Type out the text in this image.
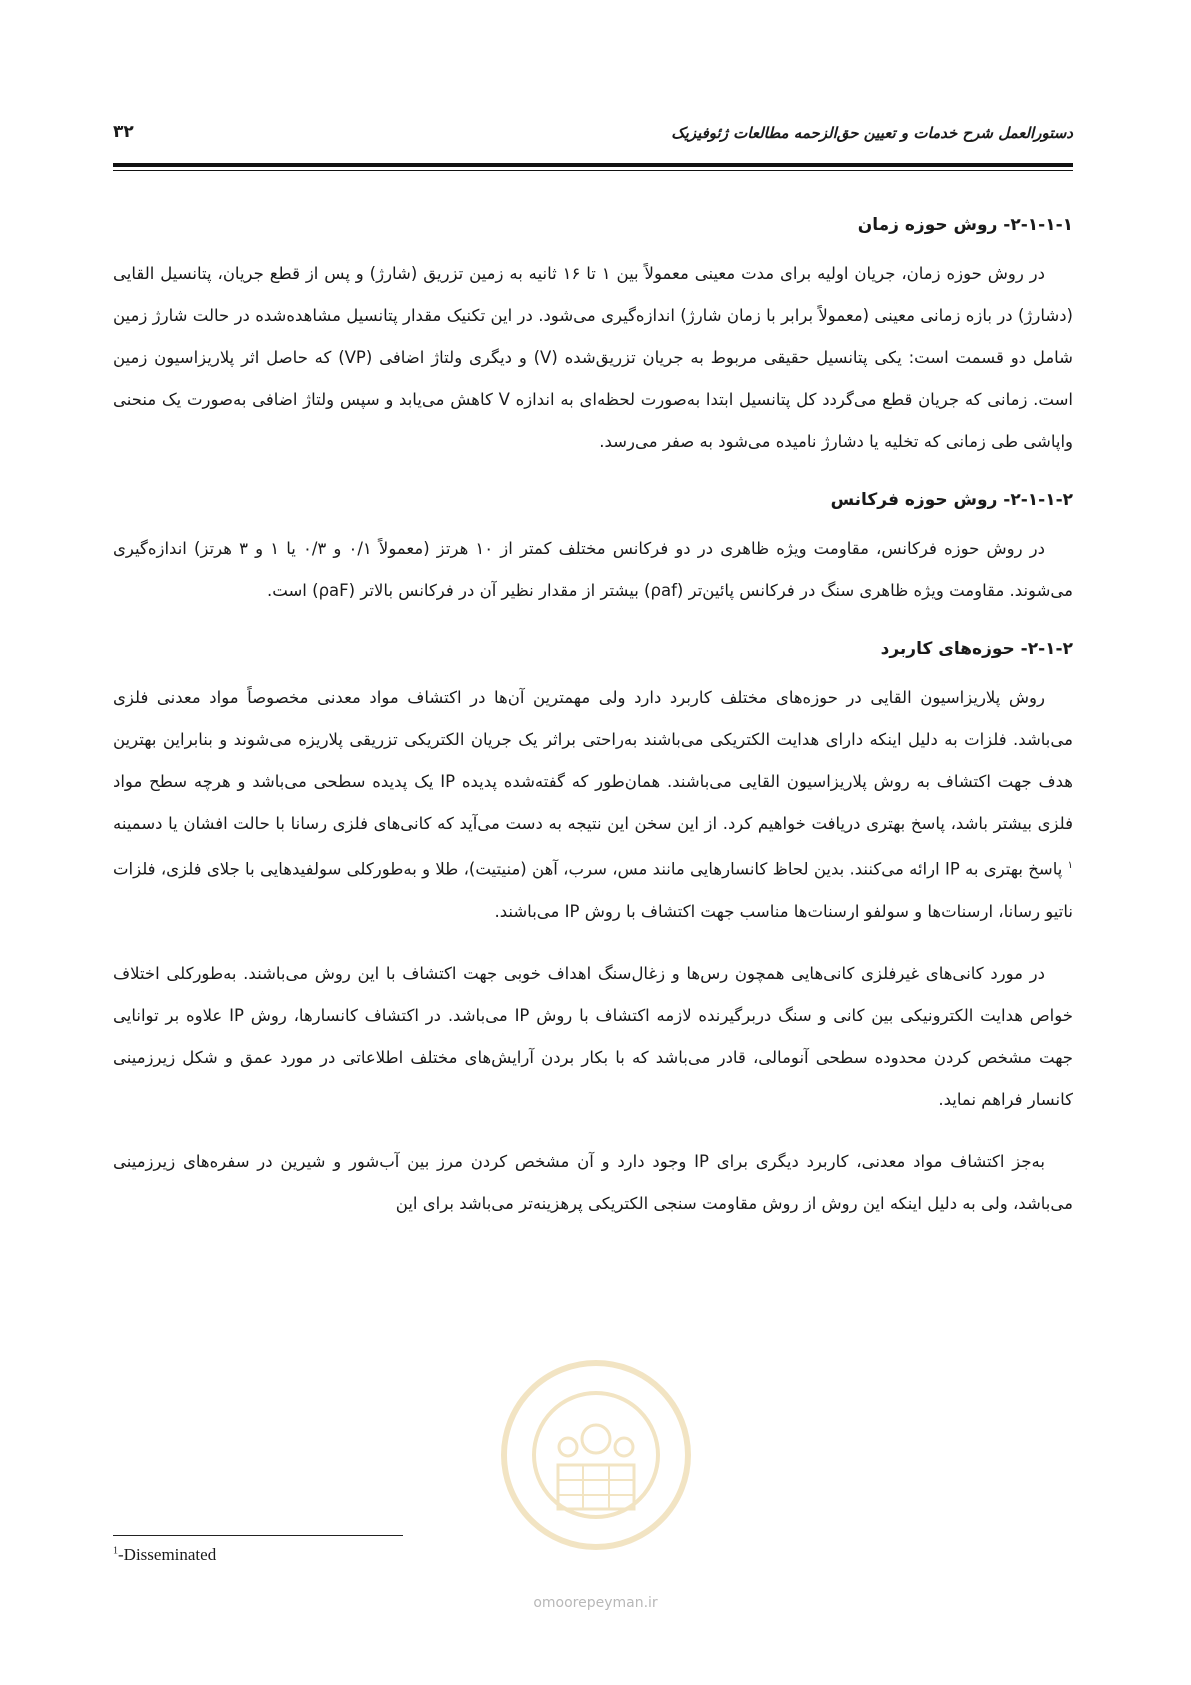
۳۲	دستورالعمل شرح خدمات و تعیین حق‌الزحمه مطالعات ژئوفیزیک
۲-۱-۱-۱- روش حوزه زمان

در روش حوزه زمان، جریان اولیه برای مدت معینی معمولاً بین ۱ تا ۱۶ ثانیه به زمین تزریق (شارژ) و پس از قطع جریان، پتانسیل القایی (دشارژ) در بازه زمانی معینی (معمولاً برابر با زمان شارژ) اندازه‌گیری می‌شود. در این تکنیک مقدار پتانسیل مشاهده‌شده در حالت شارژ زمین شامل دو قسمت است: یکی پتانسیل حقیقی مربوط به جریان تزریق‌شده (V) و دیگری ولتاژ اضافی (VP) که حاصل اثر پلاریزاسیون زمین است. زمانی که جریان قطع می‌گردد کل پتانسیل ابتدا به‌صورت لحظه‌ای به اندازه V کاهش می‌یابد و سپس ولتاژ اضافی به‌صورت یک منحنی واپاشی طی زمانی که تخلیه یا دشارژ نامیده می‌شود به صفر می‌رسد.

۲-۱-۱-۲- روش حوزه فرکانس

در روش حوزه فرکانس، مقاومت ویژه ظاهری در دو فرکانس مختلف کمتر از ۱۰ هرتز (معمولاً ۰/۱ و ۰/۳ یا ۱ و ۳ هرتز) اندازه‌گیری می‌شوند. مقاومت ویژه ظاهری سنگ در فرکانس پائین‌تر (ρaf) بیشتر از مقدار نظیر آن در فرکانس بالاتر (ρaF) است.

۲-۱-۲- حوزه‌های کاربرد

روش پلاریزاسیون القایی در حوزه‌های مختلف کاربرد دارد ولی مهمترین آن‌ها در اکتشاف مواد معدنی مخصوصاً مواد معدنی فلزی می‌باشد. فلزات به دلیل اینکه دارای هدایت الکتریکی می‌باشند به‌راحتی براثر یک جریان الکتریکی تزریقی پلاریزه می‌شوند و بنابراین بهترین هدف جهت اکتشاف به روش پلاریزاسیون القایی می‌باشند. همان‌طور که گفته‌شده پدیده IP یک پدیده سطحی می‌باشد و هرچه سطح مواد فلزی بیشتر باشد، پاسخ بهتری دریافت خواهیم کرد. از این سخن این نتیجه به دست می‌آید که کانی‌های فلزی رسانا با حالت افشان یا دسمینه $^۱$ پاسخ بهتری به IP ارائه می‌کنند. بدین لحاظ کانسارهایی مانند مس، سرب، آهن (منیتیت)، طلا و به‌طورکلی سولفیدهایی با جلای فلزی، فلزات ناتیو رسانا، ارسنات‌ها و سولفو ارسنات‌ها مناسب جهت اکتشاف با روش IP می‌باشند.

در مورد کانی‌های غیرفلزی کانی‌هایی همچون رس‌ها و زغال‌سنگ اهداف خوبی جهت اکتشاف با این روش می‌باشند. به‌طورکلی اختلاف خواص هدایت الکترونیکی بین کانی و سنگ دربرگیرنده لازمه اکتشاف با روش IP می‌باشد. در اکتشاف کانسارها، روش IP علاوه بر توانایی جهت مشخص کردن محدوده سطحی آنومالی، قادر می‌باشد که با بکار بردن آرایش‌های مختلف اطلاعاتی در مورد عمق و شکل زیرزمینی کانسار فراهم نماید.

به‌جز اکتشاف مواد معدنی، کاربرد دیگری برای IP وجود دارد و آن مشخص کردن مرز بین آب‌شور و شیرین در سفره‌های زیرزمینی می‌باشد، ولی به دلیل اینکه این روش از روش مقاومت سنجی الکتریکی پرهزینه‌تر می‌باشد برای این

$^1$-Disseminated
omoorepeyman.ir
